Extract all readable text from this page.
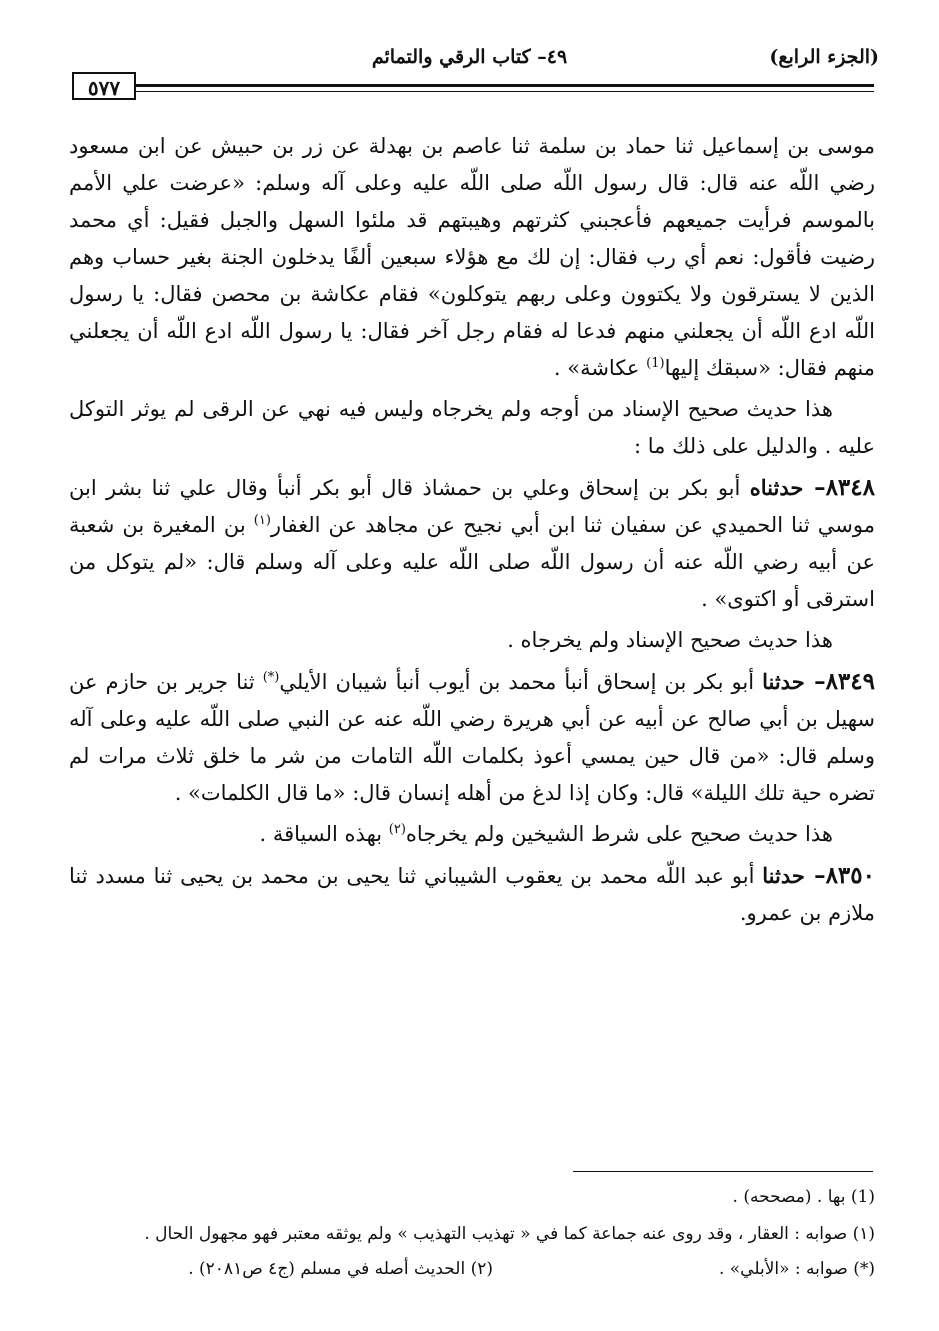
(الجزء الرابع)
٤٩– كتاب الرقي والتمائم
٥٧٧

موسى بن إسماعيل ثنا حماد بن سلمة ثنا عاصم بن بهدلة عن زر بن حبيش عن ابن مسعود رضي اللّه عنه قال: قال رسول اللّه صلى اللّه عليه وعلى آله وسلم: «عرضت علي الأمم بالموسم فرأيت جميعهم فأعجبني كثرتهم وهيبتهم قد ملئوا السهل والجبل فقيل: أي محمد رضيت فأقول: نعم أي رب فقال: إن لك مع هؤلاء سبعين ألفًا يدخلون الجنة بغير حساب وهم الذين لا يسترقون ولا يكتوون وعلى ربهم يتوكلون» فقام عكاشة بن محصن فقال: يا رسول اللّه ادع اللّه أن يجعلني منهم فدعا له فقام رجل آخر فقال: يا رسول اللّه ادع اللّه أن يجعلني منهم فقال: «سبقك إليها$^{(1)}$ عكاشة» .

هذا حديث صحيح الإسناد من أوجه ولم يخرجاه وليس فيه نهي عن الرقى لم يوثر التوكل عليه . والدليل على ذلك ما :

٨٣٤٨– حدثناه أبو بكر بن إسحاق وعلي بن حمشاذ قال أبو بكر أنبأ وقال علي ثنا بشر ابن موسي ثنا الحميدي عن سفيان ثنا ابن أبي نجيح عن مجاهد عن الغفار$^{(١)}$ بن المغيرة بن شعبة عن أبيه رضي اللّه عنه أن رسول اللّه صلى اللّه عليه وعلى آله وسلم قال: «لم يتوكل من استرقى أو اكتوى» .

هذا حديث صحيح الإسناد ولم يخرجاه .

٨٣٤٩– حدثنا أبو بكر بن إسحاق أنبأ محمد بن أيوب أنبأ شيبان الأيلي(*) ثنا جرير بن حازم عن سهيل بن أبي صالح عن أبيه عن أبي هريرة رضي اللّه عنه عن النبي صلى اللّه عليه وعلى آله وسلم قال: «من قال حين يمسي أعوذ بكلمات اللّه التامات من شر ما خلق ثلاث مرات لم تضره حية تلك الليلة» قال: وكان إذا لدغ من أهله إنسان قال: «ما قال الكلمات» .

هذا حديث صحيح على شرط الشيخين ولم يخرجاه$^{(٢)}$ بهذه السياقة .

٨٣٥٠– حدثنا أبو عبد اللّه محمد بن يعقوب الشيباني ثنا يحيى بن محمد بن يحيى ثنا مسدد ثنا ملازم بن عمرو.

(1) بها . (مصححه) .
(١) صوابه : العقار ، وقد روى عنه جماعة كما في « تهذيب التهذيب » ولم يوثقه معتبر فهو مجهول الحال .
(*) صوابه : «الأبلي» .
(٢) الحديث أصله في مسلم (ج٤ ص٢٠٨١) .
